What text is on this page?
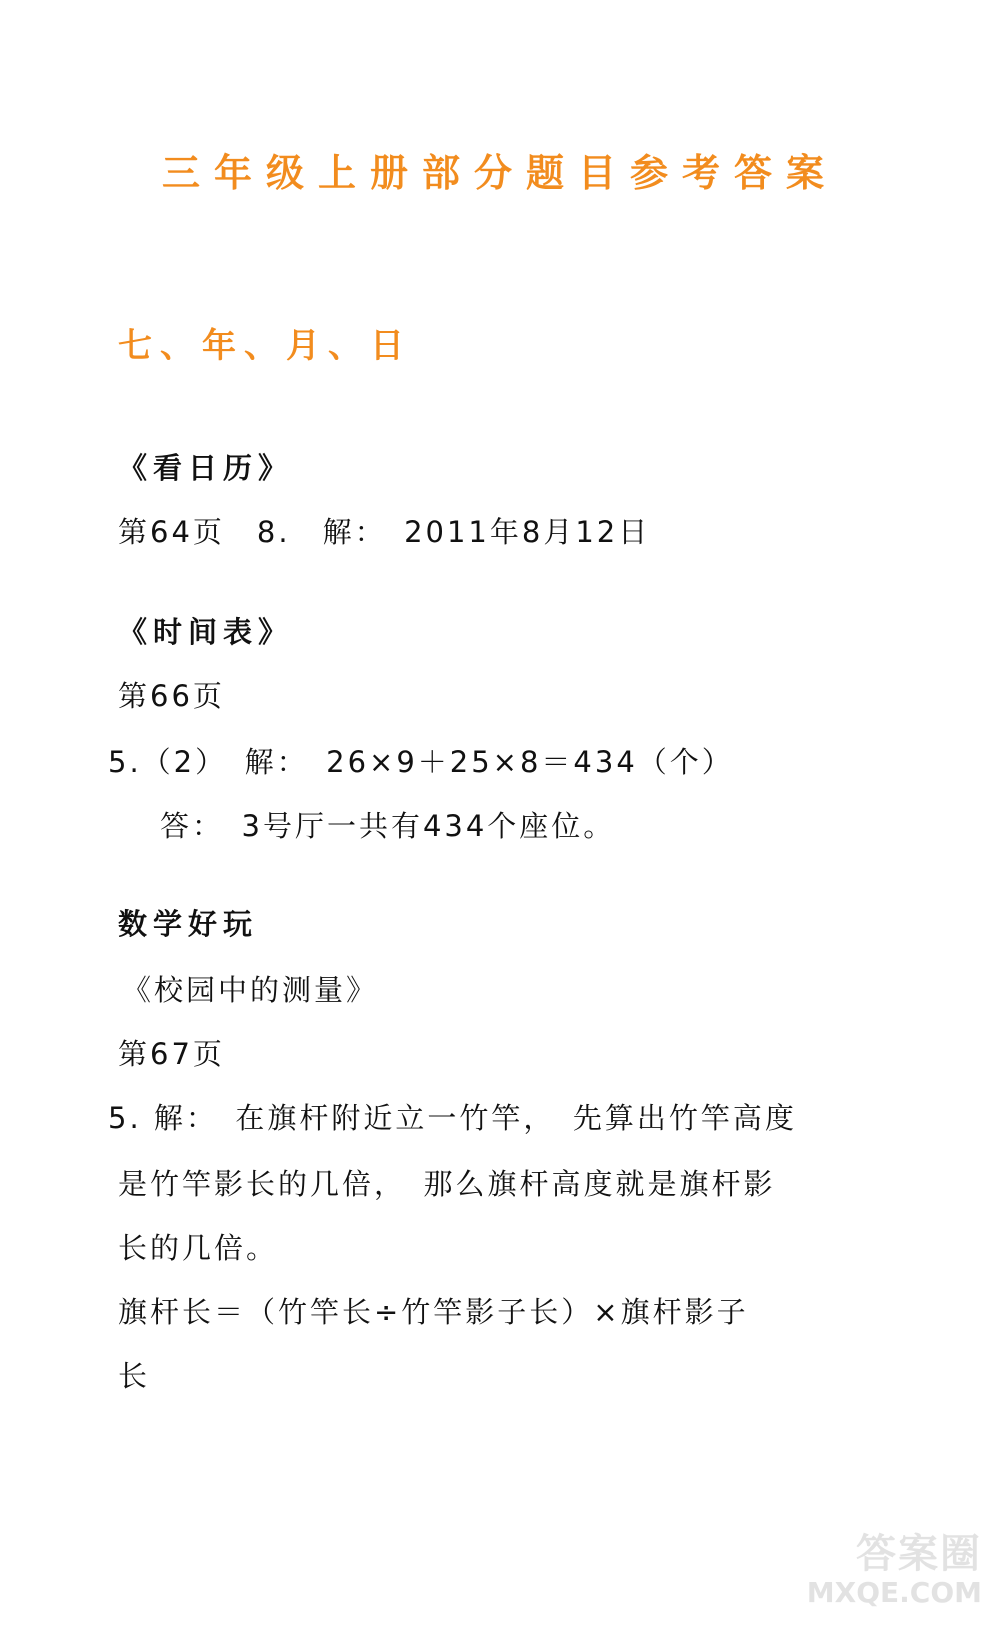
三年级上册部分题目参考答案
七、年、月、日
《看日历》
第64页　8.　解：　2011年8月12日
《时间表》
第66页
5.（2）　解：　26×9＋25×8＝434（个）
答：　3号厅一共有434个座位。
数学好玩
《校园中的测量》
第67页
5. 解：　在旗杆附近立一竹竿，　先算出竹竿高度
是竹竿影长的几倍，　那么旗杆高度就是旗杆影
长的几倍。
旗杆长＝（竹竿长÷竹竿影子长）×旗杆影子
长
答案圈
MXQE.COM
